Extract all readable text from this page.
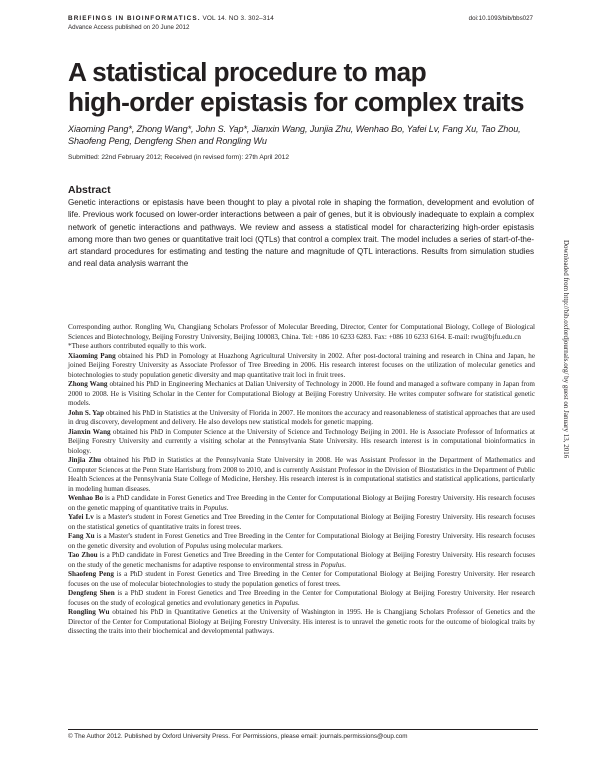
BRIEFINGS IN BIOINFORMATICS. VOL 14. NO 3. 302–314
Advance Access published on 20 June 2012
doi:10.1093/bib/bbs027
A statistical procedure to map
high-order epistasis for complex traits
Xiaoming Pang*, Zhong Wang*, John S. Yap*, Jianxin Wang, Junjia Zhu, Wenhao Bo, Yafei Lv, Fang Xu, Tao Zhou, Shaofeng Peng, Dengfeng Shen and Rongling Wu
Submitted: 22nd February 2012; Received (in revised form): 27th April 2012
Abstract
Genetic interactions or epistasis have been thought to play a pivotal role in shaping the formation, development and evolution of life. Previous work focused on lower-order interactions between a pair of genes, but it is obviously inadequate to explain a complex network of genetic interactions and pathways. We review and assess a statistical model for characterizing high-order epistasis among more than two genes or quantitative trait loci (QTLs) that control a complex trait. The model includes a series of start-of-the-art standard procedures for estimating and testing the nature and magnitude of QTL interactions. Results from simulation studies and real data analysis warrant the	Downloaded from http://bib.oxfordjournals.org/ by guest on January 13, 2016

Corresponding author. Rongling Wu, Changjiang Scholars Professor of Molecular Breeding, Director, Center for Computational Biology, College of Biological Sciences and Biotechnology, Beijing Forestry University, Beijing 100083, China. Tel: +086 10 6233 6283. Fax: +086 10 6233 6164. E-mail: rwu@bjfu.edu.cn

*These authors contributed equally to this work.

Xiaoming Pang obtained his PhD in Pomology at Huazhong Agricultural University in 2002. After post-doctoral training and research in China and Japan, he joined Beijing Forestry University as Associate Professor of Tree Breeding in 2006. His research interest focuses on the utilization of molecular genetics and biotechnologies to study population genetic diversity and map quantitative trait loci in fruit trees.

Zhong Wang obtained his PhD in Engineering Mechanics at Dalian University of Technology in 2000. He found and managed a software company in Japan from 2000 to 2008. He is Visiting Scholar in the Center for Computational Biology at Beijing Forestry University. He writes computer software for statistical genetic models.

John S. Yap obtained his PhD in Statistics at the University of Florida in 2007. He monitors the accuracy and reasonableness of statistical approaches that are used in drug discovery, development and delivery. He also develops new statistical models for genetic mapping.

Jianxin Wang obtained his PhD in Computer Science at the University of Science and Technology Beijing in 2001. He is Associate Professor of Informatics at Beijing Forestry University and currently a visiting scholar at the Pennsylvania State University. His research interest is in computational bioinformatics in biology.

Jinjia Zhu obtained his PhD in Statistics at the Pennsylvania State University in 2008. He was Assistant Professor in the Department of Mathematics and Computer Sciences at the Penn State Harrisburg from 2008 to 2010, and is currently Assistant Professor in the Division of Biostatistics in the Department of Public Health Sciences at the Pennsylvania State College of Medicine, Hershey. His research interest is in computational statistics and statistical applications, particularly in modeling human diseases.

Wenhao Bo is a PhD candidate in Forest Genetics and Tree Breeding in the Center for Computational Biology at Beijing Forestry University. His research focuses on the genetic mapping of quantitative traits in Populus.

Yafei Lv is a Master's student in Forest Genetics and Tree Breeding in the Center for Computational Biology at Beijing Forestry University. His research focuses on the statistical genetics of quantitative traits in forest trees.

Fang Xu is a Master's student in Forest Genetics and Tree Breeding in the Center for Computational Biology at Beijing Forestry University. His research focuses on the genetic diversity and evolution of Populus using molecular markers.

Tao Zhou is a PhD candidate in Forest Genetics and Tree Breeding in the Center for Computational Biology at Beijing Forestry University. His research focuses on the study of the genetic mechanisms for adaptive response to environmental stress in Populus.

Shaofeng Peng is a PhD student in Forest Genetics and Tree Breeding in the Center for Computational Biology at Beijing Forestry University. Her research focuses on the use of molecular biotechnologies to study the population genetics of forest trees.

Dengfeng Shen is a PhD student in Forest Genetics and Tree Breeding in the Center for Computational Biology at Beijing Forestry University. Her research focuses on the study of ecological genetics and evolutionary genetics in Populus.

Rongling Wu obtained his PhD in Quantitative Genetics at the University of Washington in 1995. He is Changjiang Scholars Professor of Genetics and the Director of the Center for Computational Biology at Beijing Forestry University. His interest is to unravel the genetic roots for the outcome of biological traits by dissecting the traits into their biochemical and developmental pathways.

© The Author 2012. Published by Oxford University Press. For Permissions, please email: journals.permissions@oup.com
